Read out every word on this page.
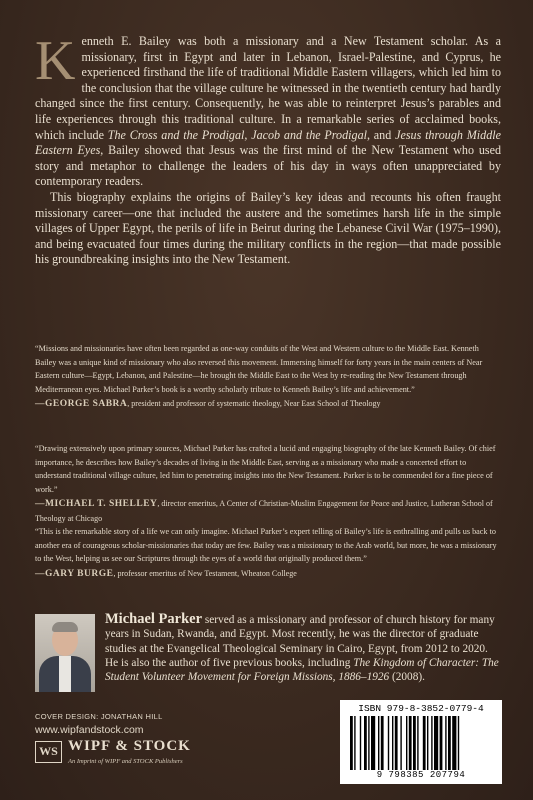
Kenneth E. Bailey was both a missionary and a New Testament scholar. As a missionary, first in Egypt and later in Lebanon, Israel-Palestine, and Cyprus, he experienced firsthand the life of traditional Middle Eastern villagers, which led him to the conclusion that the village culture he witnessed in the twentieth century had hardly changed since the first century. Consequently, he was able to reinterpret Jesus’s parables and life experiences through this traditional culture. In a remarkable series of acclaimed books, which include The Cross and the Prodigal, Jacob and the Prodigal, and Jesus through Middle Eastern Eyes, Bailey showed that Jesus was the first mind of the New Testament who used story and metaphor to challenge the leaders of his day in ways often unappreciated by contemporary readers.

This biography explains the origins of Bailey’s key ideas and recounts his often fraught missionary career—one that included the austere and the sometimes harsh life in the simple villages of Upper Egypt, the perils of life in Beirut during the Lebanese Civil War (1975–1990), and being evacuated four times during the military conflicts in the region—that made possible his groundbreaking insights into the New Testament.

“Missions and missionaries have often been regarded as one-way conduits of the West and Western culture to the Middle East. Kenneth Bailey was a unique kind of missionary who also reversed this movement. Immersing himself for forty years in the main centers of Near Eastern culture—Egypt, Lebanon, and Palestine—he brought the Middle East to the West by re-reading the New Testament through Mediterranean eyes. Michael Parker’s book is a worthy scholarly tribute to Kenneth Bailey’s life and achievement.”

—GEORGE SABRA, president and professor of systematic theology, Near East School of Theology

“Drawing extensively upon primary sources, Michael Parker has crafted a lucid and engaging biography of the late Kenneth Bailey. Of chief importance, he describes how Bailey’s decades of living in the Middle East, serving as a missionary who made a concerted effort to understand traditional village culture, led him to penetrating insights into the New Testament. Parker is to be commended for a fine piece of work.”

—MICHAEL T. SHELLEY, director emeritus, A Center of Christian-Muslim Engagement for Peace and Justice, Lutheran School of Theology at Chicago

“This is the remarkable story of a life we can only imagine. Michael Parker’s expert telling of Bailey’s life is enthralling and pulls us back to another era of courageous scholar-missionaries that today are few. Bailey was a missionary to the Arab world, but more, he was a missionary to the West, helping us see our Scriptures through the eyes of a world that originally produced them.”

—GARY BURGE, professor emeritus of New Testament, Wheaton College

Michael Parker served as a missionary and professor of church history for many years in Sudan, Rwanda, and Egypt. Most recently, he was the director of graduate studies at the Evangelical Theological Seminary in Cairo, Egypt, from 2012 to 2020. He is also the author of five previous books, including The Kingdom of Character: The Student Volunteer Movement for Foreign Missions, 1886–1926 (2008).

COVER DESIGN: JONATHAN HILL
www.wipfandstock.com
WS WIPF & STOCK
An Imprint of WIPF and STOCK Publishers
ISBN 979-8-3852-0779-4
9 798385 207794
